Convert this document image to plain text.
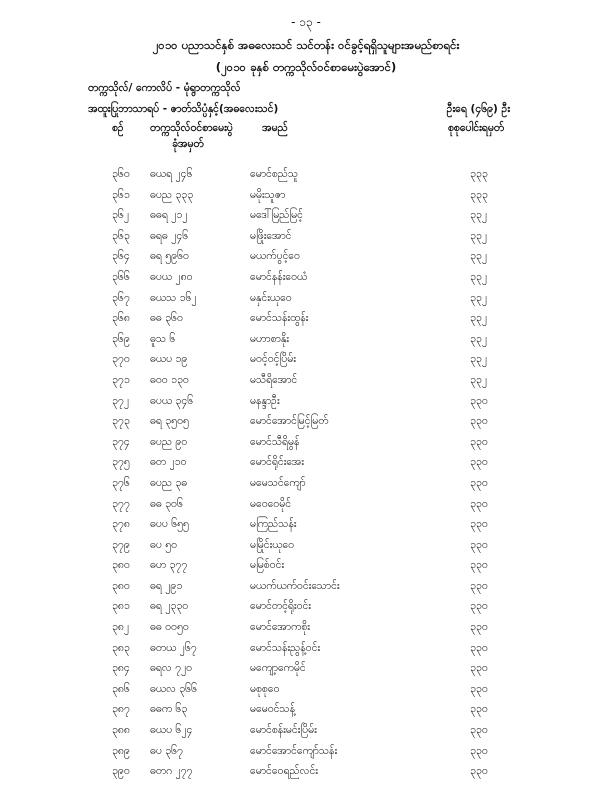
- ၁၃ -
၂၀၁၀ ပညာသင်နှစ် အဓလေးသင် သင်တန်း ဝင်ခွင့်ရရှိသူများအမည်စာရင်း
(၂၀၁၀ ခုနှစ် တက္ကသိုလ်ဝင်စာမေးပွဲအောင်)
တက္ကသိုလ်/ ကောလိပ် - မုံရွာတက္ကသိုလ်
အထူးပြုဘာသာရပ် - ဇာတ်သိပ္ပံနှင့်(အဓလေးသင်)	ဦးရေ (၄၆၉) ဦး
စဉ်	တက္ကသိုလ်ဝင်စာမေးပွဲ
ခုံအမှတ်
အမည်	စုစုပေါင်းရမှတ်
၃၆၀ ဓယရ ၂၄၆	မောင်စည်သူ	၃၃၃
၃၆၁ ဓပည ၃၃၃	မမိုးသူဇာ	၃၃၃
၃၆၂ ဓဓရ ၂၁၂	မဒေါ်မြည်မြင့်	၃၃၂
၃၆၃ ဓရဓ ၂၄၆	မဖြိုးအောင်	၃၃၂
၃၆၄ ဓရ ၅၉၆၀	မယက်ပွင့်ဝေ	၃၃၂
၃၆၆ ဓပယ ၂၈၀	မောင်နန်းဝေယံ	၃၃၂
၃၆၇ ဓယသ ၁၆၂	မနှင်းယုဝေ	၃၃၂
၃၆၈ ဓဓ ၃၆၀	မောင်သန်းထွန်း	၃၃၂
၃၆၉ ဓူသ ၆	မဟာစာနိုး	၃၃၂
၃၇၀ ဓယပ ၁၉	မဝင့်ဝင့်ပြိမ်း	၃၃၂
၃၇၁ ဓဝဝ ၁၃၀	မသီရိအောင်	၃၃၂
၃၇၂ ဓပယ ၃၄၆	မနန္ဒာဦး	၃၃၀
၃၇၃ ဓရ ၃၅၀၅	မောင်အောင်မြင့်မြတ်	၃၃၀
၃၇၄ ဓပည ၉၀	မောင်သီရိမွန်	၃၃၀
၃၇၅ ဓတ ၂၁၀	မောင်ရိုင်းအေး	၃၃၀
၃၇၆ ဓပည ၃ဓ	မမေသင်ကျော်	၃၃၀
၃၇၇ ဓဓ ၃၀၆	မဝေဝေမိုင်	၃၃၀
၃၇၈ ဓပပ ၆၅၅	မကြည်သန်း	၃၃၀
၃၇၉ ဓပ ၅၀	မမြိုင်းယုဝေ	၃၃၀
၃၈၀ ဓဟ ၃၇၇	မမြစ်ဝင်း	၃၃၀
၃၈၀ ဓရ ၂၉၁	မယက်ယက်ဝင်းသောင်း	၃၃၀
၃၈၁ ဓရ ၂၃၃၀	မောင်တင့်ရိုးဝင်း	၃၃၀
၃၈၂ ဓဓ ၀၀၅၀	မောင်အောကစိုး	၃၃၀
၃၈၃ ဓတယ ၂၆၇	မောင်သန်းညွန့်ဝင်း	၃၃၀
၃၈၄ ဓရလ ၇၂၀	မကျေ့ာကေမိုင်	၃၃၀
၃၈၆ ဓယလ ၃၆၆	မစုစုဝေ	၃၃၀
၃၈၇ ဓဓက ၆၃	မမေဝင်သန့်	၃၃၀
၃၈၈ ဓယပ ၆၂၄	မောင်စန်းမင်းပြိမ်း	၃၃၀
၃၈၉ ဓပ ၃၆၇	မောင်အောင်ကျော်သန်း	၃၃၀
၃၉၀ ဓတဂ ၂၇၇	မောင်ဝေရည်လင်း	၃၃၀
